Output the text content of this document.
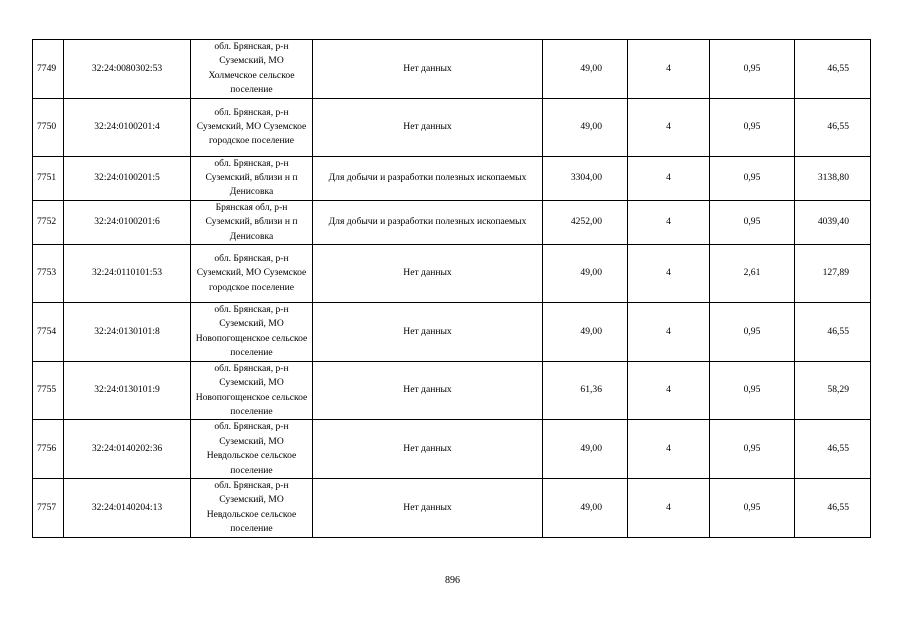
7749	32:24:0080302:53	обл. Брянская, р-н Суземский, МО Холмечское сельское поселение	Нет данных	49,00	4	0,95	46,55
7750	32:24:0100201:4	обл. Брянская, р-н Суземский, МО Суземское городское поселение	Нет данных	49,00	4	0,95	46,55
7751	32:24:0100201:5	обл. Брянская, р-н Суземский, вблизи н п Денисовка	Для добычи и разработки полезных ископаемых	3304,00	4	0,95	3138,80
7752	32:24:0100201:6	Брянская обл, р-н Суземский, вблизи н п Денисовка	Для добычи и разработки полезных ископаемых	4252,00	4	0,95	4039,40
7753	32:24:0110101:53	обл. Брянская, р-н Суземский, МО Суземское городское поселение	Нет данных	49,00	4	2,61	127,89
7754	32:24:0130101:8	обл. Брянская, р-н Суземский, МО Новопогощенское сельское поселение	Нет данных	49,00	4	0,95	46,55
7755	32:24:0130101:9	обл. Брянская, р-н Суземский, МО Новопогощенское сельское поселение	Нет данных	61,36	4	0,95	58,29
7756	32:24:0140202:36	обл. Брянская, р-н Суземский, МО Невдольское сельское поселение	Нет данных	49,00	4	0,95	46,55
7757	32:24:0140204:13	обл. Брянская, р-н Суземский, МО Невдольское сельское поселение	Нет данных	49,00	4	0,95	46,55
896
